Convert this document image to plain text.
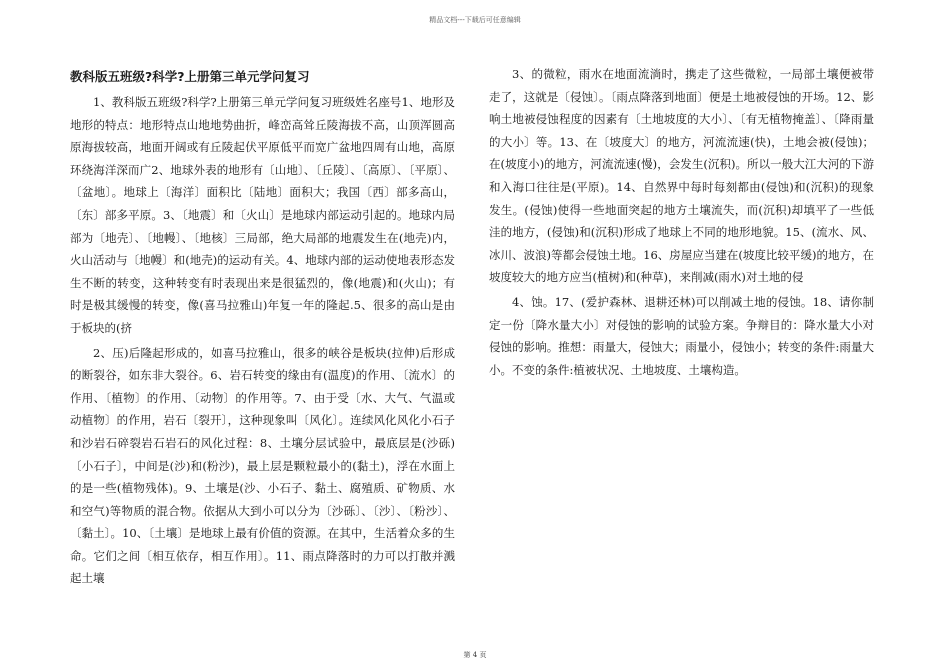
精品文档---下载后可任意编辑
教科版五班级?科学?上册第三单元学问复习

1、教科版五班级?科学?上册第三单元学问复习班级姓名座号1、地形及地形的特点：地形特点山地地势曲折，峰峦高耸丘陵海拔不高，山顶浑圆高原海拔较高，地面开阔或有丘陵起伏平原低平而宽广盆地四周有山地，高原环绕海洋深而广2、地球外表的地形有〔山地〕、〔丘陵〕、〔高原〕、〔平原〕、〔盆地〕。地球上〔海洋〕面积比〔陆地〕面积大；我国〔西〕部多高山，〔东〕部多平原。3、〔地震〕和〔火山〕是地球内部运动引起的。地球内局部为〔地壳〕、〔地幔〕、〔地核〕三局部，绝大局部的地震发生在(地壳)内，火山活动与〔地幔〕和(地壳)的运动有关。4、地球内部的运动使地表形态发生不断的转变，这种转变有时表现出来是很猛烈的，像(地震)和(火山)；有时是极其缓慢的转变，像(喜马拉雅山)年复一年的隆起.5、很多的高山是由于板块的(挤

2、压)后隆起形成的，如喜马拉雅山，很多的峡谷是板块(拉伸)后形成的断裂谷，如东非大裂谷。6、岩石转变的缘由有(温度)的作用、〔流水〕的作用、〔植物〕的作用、〔动物〕的作用等。7、由于受〔水、大气、气温或动植物〕的作用，岩石〔裂开〕，这种现象叫〔风化〕。连续风化风化小石子和沙岩石碎裂岩石岩石的风化过程：8、土壤分层试验中，最底层是(沙砾)〔小石子〕，中间是(沙)和(粉沙)，最上层是颗粒最小的(黏土)，浮在水面上的是一些(植物残体)。9、土壤是(沙、小石子、黏土、腐殖质、矿物质、水和空气)等物质的混合物。依据从大到小可以分为〔沙砾〕、〔沙〕、〔粉沙〕、〔黏土〕。10、〔土壤〕是地球上最有价值的资源。在其中，生活着众多的生命。它们之间〔相互依存，相互作用〕。11、雨点降落时的力可以打散并溅起土壤

3、的微粒，雨水在地面流淌时，携走了这些微粒，一局部土壤便被带走了，这就是〔侵蚀〕。〔雨点降落到地面〕便是土地被侵蚀的开场。12、影响土地被侵蚀程度的因素有〔土地坡度的大小〕、〔有无植物掩盖〕、〔降雨量的大小〕等。13、在〔坡度大〕的地方，河流流速(快)，土地会被(侵蚀)；在(坡度小)的地方，河流流速(慢)，会发生(沉积)。所以一般大江大河的下游和入海口往往是(平原)。14、自然界中每时每刻都由(侵蚀)和(沉积)的现象发生。(侵蚀)使得一些地面突起的地方土壤流失，而(沉积)却填平了一些低洼的地方，(侵蚀)和(沉积)形成了地球上不同的地形地貌。15、(流水、风、冰川、波浪)等都会侵蚀土地。16、房屋应当建在(坡度比较平缓)的地方，在坡度较大的地方应当(植树)和(种草)，来削减(雨水)对土地的侵

4、蚀。17、(爱护森林、退耕还林)可以削减土地的侵蚀。18、请你制定一份〔降水量大小〕对侵蚀的影响的试验方案。争辩目的：降水量大小对侵蚀的影响。推想：雨量大，侵蚀大；雨量小，侵蚀小；转变的条件:雨量大小。不变的条件:植被状况、土地坡度、土壤构造。

第 4 页
